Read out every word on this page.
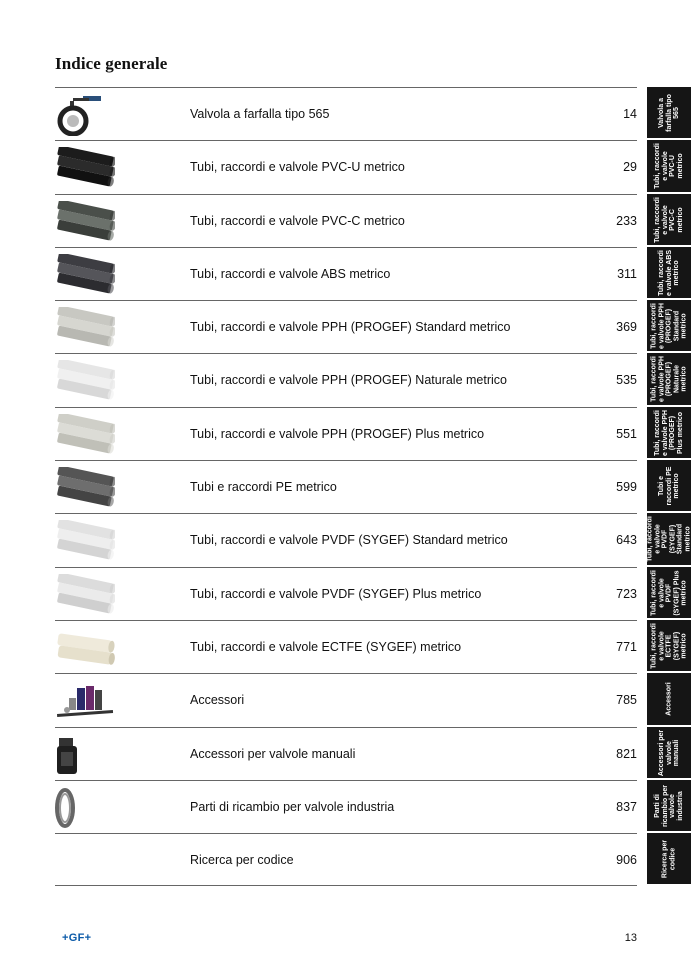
Indice generale
Valvola a farfalla tipo 565	14
Tubi, raccordi e valvole PVC-U metrico	29
Tubi, raccordi e valvole PVC-C metrico	233
Tubi, raccordi e valvole ABS metrico	311
Tubi, raccordi e valvole PPH (PROGEF) Standard metrico	369
Tubi, raccordi e valvole PPH (PROGEF) Naturale metrico	535
Tubi, raccordi e valvole PPH (PROGEF) Plus metrico	551
Tubi e raccordi PE metrico	599
Tubi, raccordi e valvole PVDF (SYGEF) Standard metrico	643
Tubi, raccordi e valvole PVDF (SYGEF) Plus metrico	723
Tubi, raccordi e valvole ECTFE (SYGEF) metrico	771
Accessori	785
Accessori per valvole manuali	821
Parti di ricambio per valvole industria	837
Ricerca per codice	906
Valvola a farfalla tipo 565
Tubi, raccordi e valvole PVC-U metrico
Tubi, raccordi e valvole PVC-C metrico
Tubi, raccordi e valvole ABS metrico
Tubi, raccordi e valvole PPH (PROGEF) Standard metrico
Tubi, raccordi e valvole PPH (PROGEF) Naturale metrico
Tubi, raccordi e valvole PPH (PROGEF) Plus metrico
Tubi e raccordi PE metrico
Tubi, raccordi e valvole PVDF (SYGEF) Standard metrico
Tubi, raccordi e valvole PVDF (SYGEF) Plus metrico
Tubi, raccordi e valvole ECTFE (SYGEF) metrico
Accessori
Accessori per valvole manuali
Parti di ricambio per valvole industria
Ricerca per codice
+GF+	13
